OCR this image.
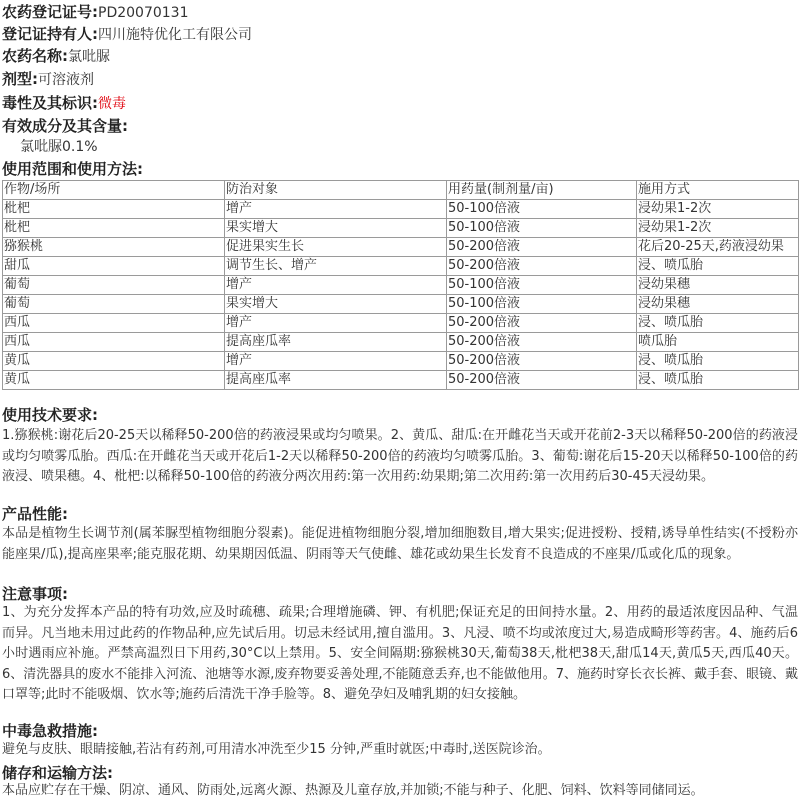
农药登记证号:PD20070131
登记证持有人:四川施特优化工有限公司
农药名称:氯吡脲
剂型:可溶液剂
毒性及其标识:微毒
有效成分及其含量:
氯吡脲0.1%
使用范围和使用方法:
作物/场所	防治对象	用药量(制剂量/亩)	施用方式
枇杷	增产	50-100倍液	浸幼果1-2次
枇杷	果实增大	50-100倍液	浸幼果1-2次
猕猴桃	促进果实生长	50-200倍液	花后20-25天,药液浸幼果
甜瓜	调节生长、增产	50-200倍液	浸、喷瓜胎
葡萄	增产	50-100倍液	浸幼果穗
葡萄	果实增大	50-100倍液	浸幼果穗
西瓜	增产	50-200倍液	浸、喷瓜胎
西瓜	提高座瓜率	50-200倍液	喷瓜胎
黄瓜	增产	50-200倍液	浸、喷瓜胎
黄瓜	提高座瓜率	50-200倍液	浸、喷瓜胎
使用技术要求:
1.猕猴桃:谢花后20-25天以稀释50-200倍的药液浸果或均匀喷果。2、黄瓜、甜瓜:在开雌花当天或开花前2-3天以稀释50-200倍的药液浸或均匀喷雾瓜胎。西瓜:在开雌花当天或开花后1-2天以稀释50-200倍的药液均匀喷雾瓜胎。3、葡萄:谢花后15-20天以稀释50-100倍的药液浸、喷果穗。4、枇杷:以稀释50-100倍的药液分两次用药:第一次用药:幼果期;第二次用药:第一次用药后30-45天浸幼果。
产品性能:
本品是植物生长调节剂(属苯脲型植物细胞分裂素)。能促进植物细胞分裂,增加细胞数目,增大果实;促进授粉、授精,诱导单性结实(不授粉亦能座果/瓜),提高座果率;能克服花期、幼果期因低温、阴雨等天气使雌、雄花或幼果生长发育不良造成的不座果/瓜或化瓜的现象。
注意事项:
1、为充分发挥本产品的特有功效,应及时疏穗、疏果;合理增施磷、钾、有机肥;保证充足的田间持水量。2、用药的最适浓度因品种、气温而异。凡当地未用过此药的作物品种,应先试后用。切忌未经试用,擅自滥用。3、凡浸、喷不均或浓度过大,易造成畸形等药害。4、施药后6小时遇雨应补施。严禁高温烈日下用药,30°C以上禁用。5、安全间隔期:猕猴桃30天,葡萄38天,枇杷38天,甜瓜14天,黄瓜5天,西瓜40天。6、清洗器具的废水不能排入河流、池塘等水源,废弃物要妥善处理,不能随意丢弃,也不能做他用。7、施药时穿长衣长裤、戴手套、眼镜、戴口罩等;此时不能吸烟、饮水等;施药后清洗干净手脸等。8、避免孕妇及哺乳期的妇女接触。
中毒急救措施:
避免与皮肤、眼睛接触,若沾有药剂,可用清水冲洗至少15 分钟,严重时就医;中毒时,送医院诊治。
储存和运输方法:
本品应贮存在干燥、阴凉、通风、防雨处,远离火源、热源及儿童存放,并加锁;不能与种子、化肥、饲料、饮料等同储同运。
